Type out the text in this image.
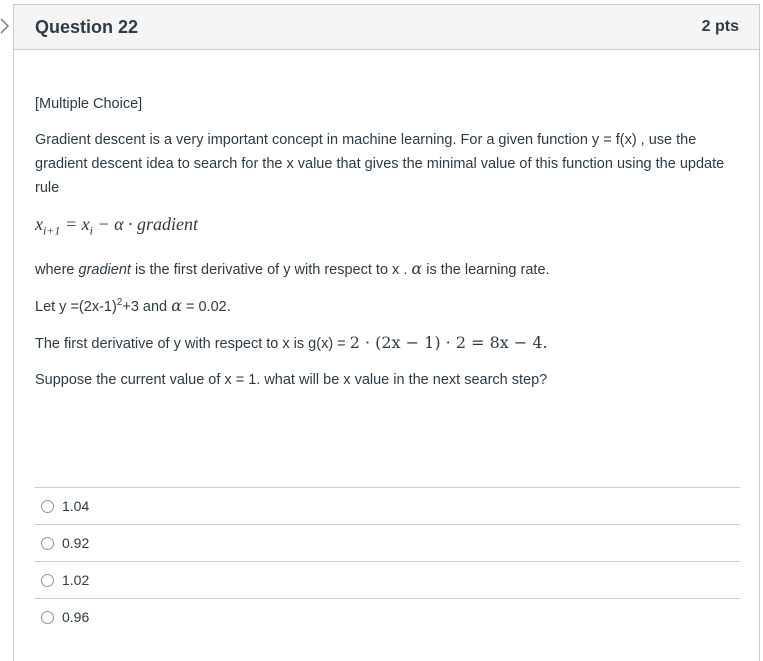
Question 22	2 pts

[Multiple Choice]

Gradient descent is a very important concept in machine learning. For a given function y = f(x) , use the gradient descent idea to search for the x value that gives the minimal value of this function using the update rule

$x_{i+1} = x_i - \alpha$ · gradient

where gradient is the first derivative of y with respect to x . α is the learning rate.

Let $y =(2x-1)^2+3$ and α = 0.02.

The first derivative of y with respect to x is g(x) = 2 · (2x − 1) · 2 = 8x − 4.

Suppose the current value of x = 1. what will be x value in the next search step?

1.04
0.92
1.02
0.96
